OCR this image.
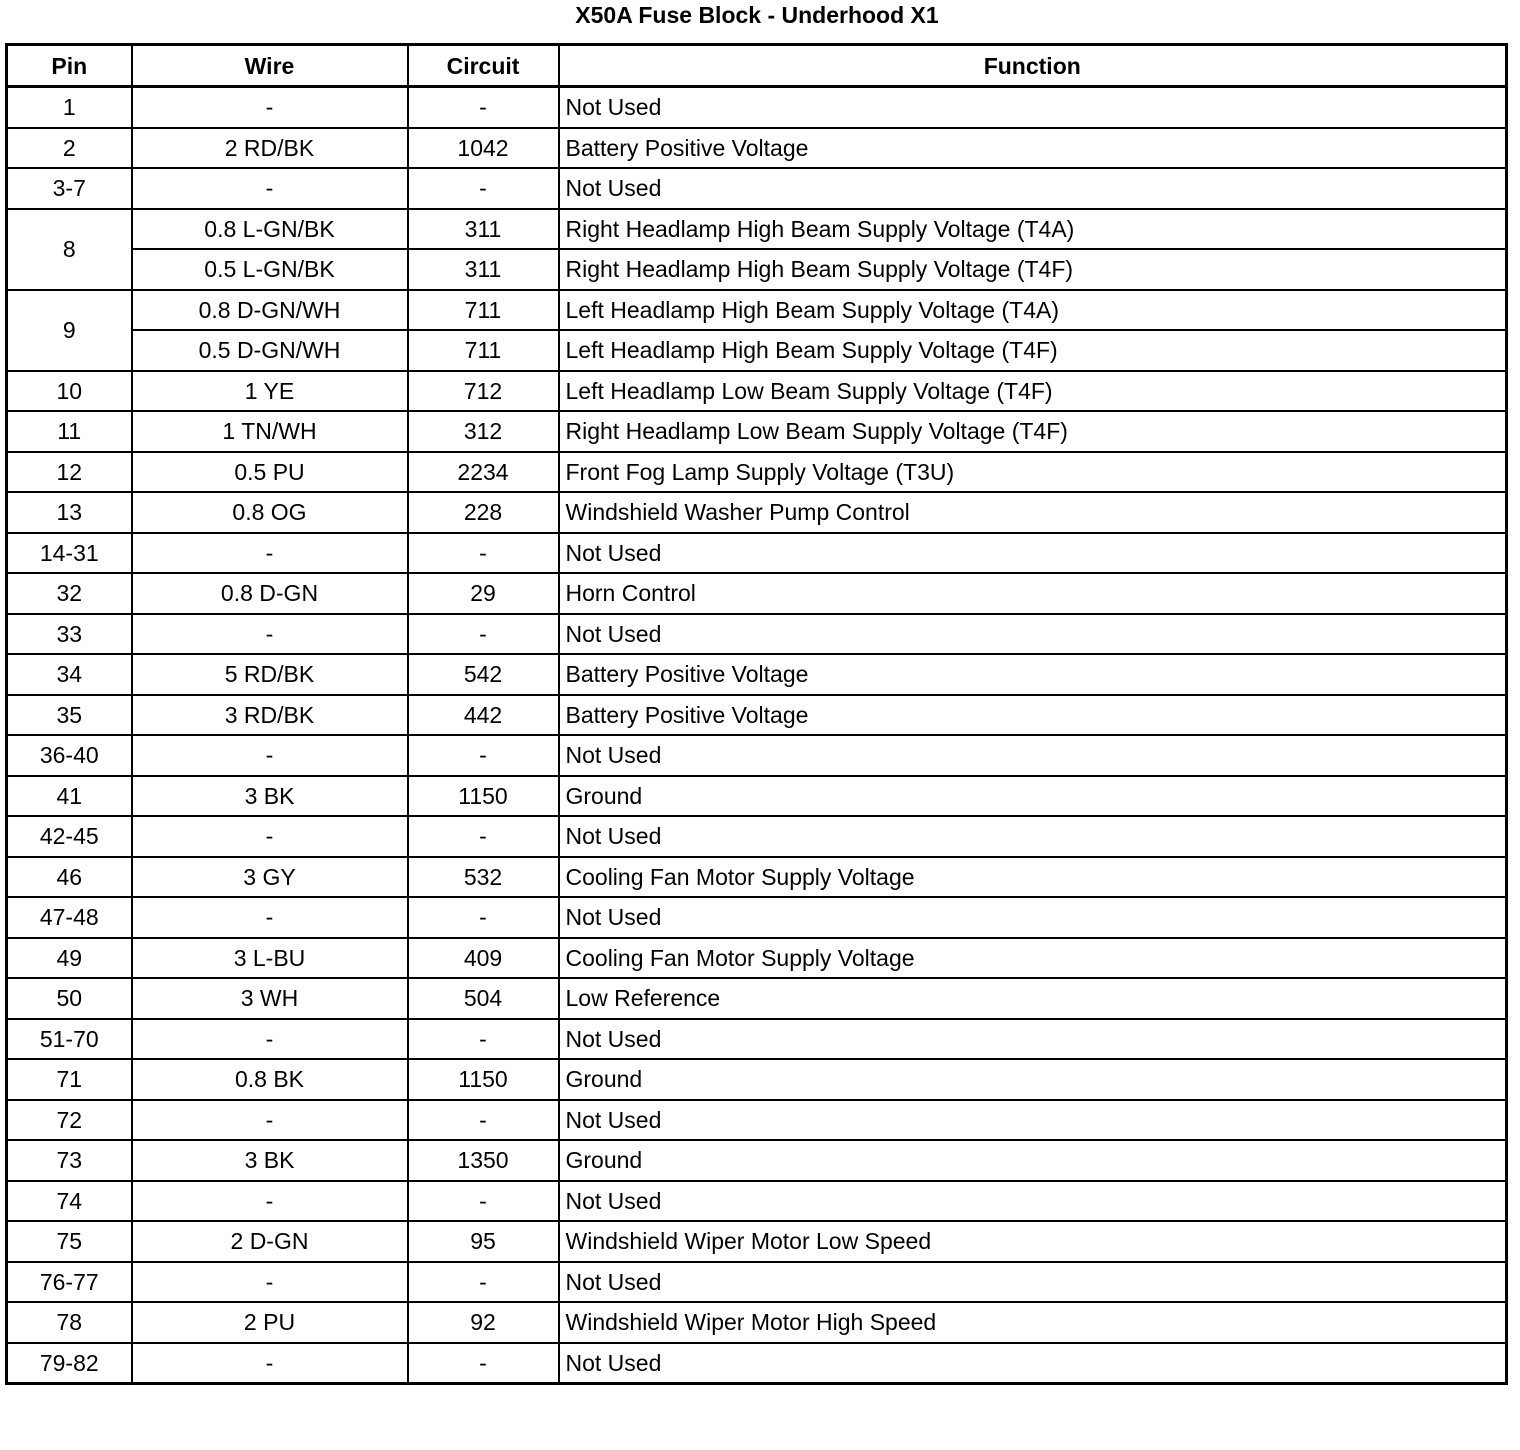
X50A Fuse Block - Underhood X1
Pin	Wire	Circuit	Function
1	-	-	Not Used
2	2 RD/BK	1042	Battery Positive Voltage
3-7	-	-	Not Used
8	0.8 L-GN/BK	311	Right Headlamp High Beam Supply Voltage (T4A)
	0.5 L-GN/BK	311	Right Headlamp High Beam Supply Voltage (T4F)
9	0.8 D-GN/WH	711	Left Headlamp High Beam Supply Voltage (T4A)
	0.5 D-GN/WH	711	Left Headlamp High Beam Supply Voltage (T4F)
10	1 YE	712	Left Headlamp Low Beam Supply Voltage (T4F)
11	1 TN/WH	312	Right Headlamp Low Beam Supply Voltage (T4F)
12	0.5 PU	2234	Front Fog Lamp Supply Voltage (T3U)
13	0.8 OG	228	Windshield Washer Pump Control
14-31	-	-	Not Used
32	0.8 D-GN	29	Horn Control
33	-	-	Not Used
34	5 RD/BK	542	Battery Positive Voltage
35	3 RD/BK	442	Battery Positive Voltage
36-40	-	-	Not Used
41	3 BK	1150	Ground
42-45	-	-	Not Used
46	3 GY	532	Cooling Fan Motor Supply Voltage
47-48	-	-	Not Used
49	3 L-BU	409	Cooling Fan Motor Supply Voltage
50	3 WH	504	Low Reference
51-70	-	-	Not Used
71	0.8 BK	1150	Ground
72	-	-	Not Used
73	3 BK	1350	Ground
74	-	-	Not Used
75	2 D-GN	95	Windshield Wiper Motor Low Speed
76-77	-	-	Not Used
78	2 PU	92	Windshield Wiper Motor High Speed
79-82	-	-	Not Used
